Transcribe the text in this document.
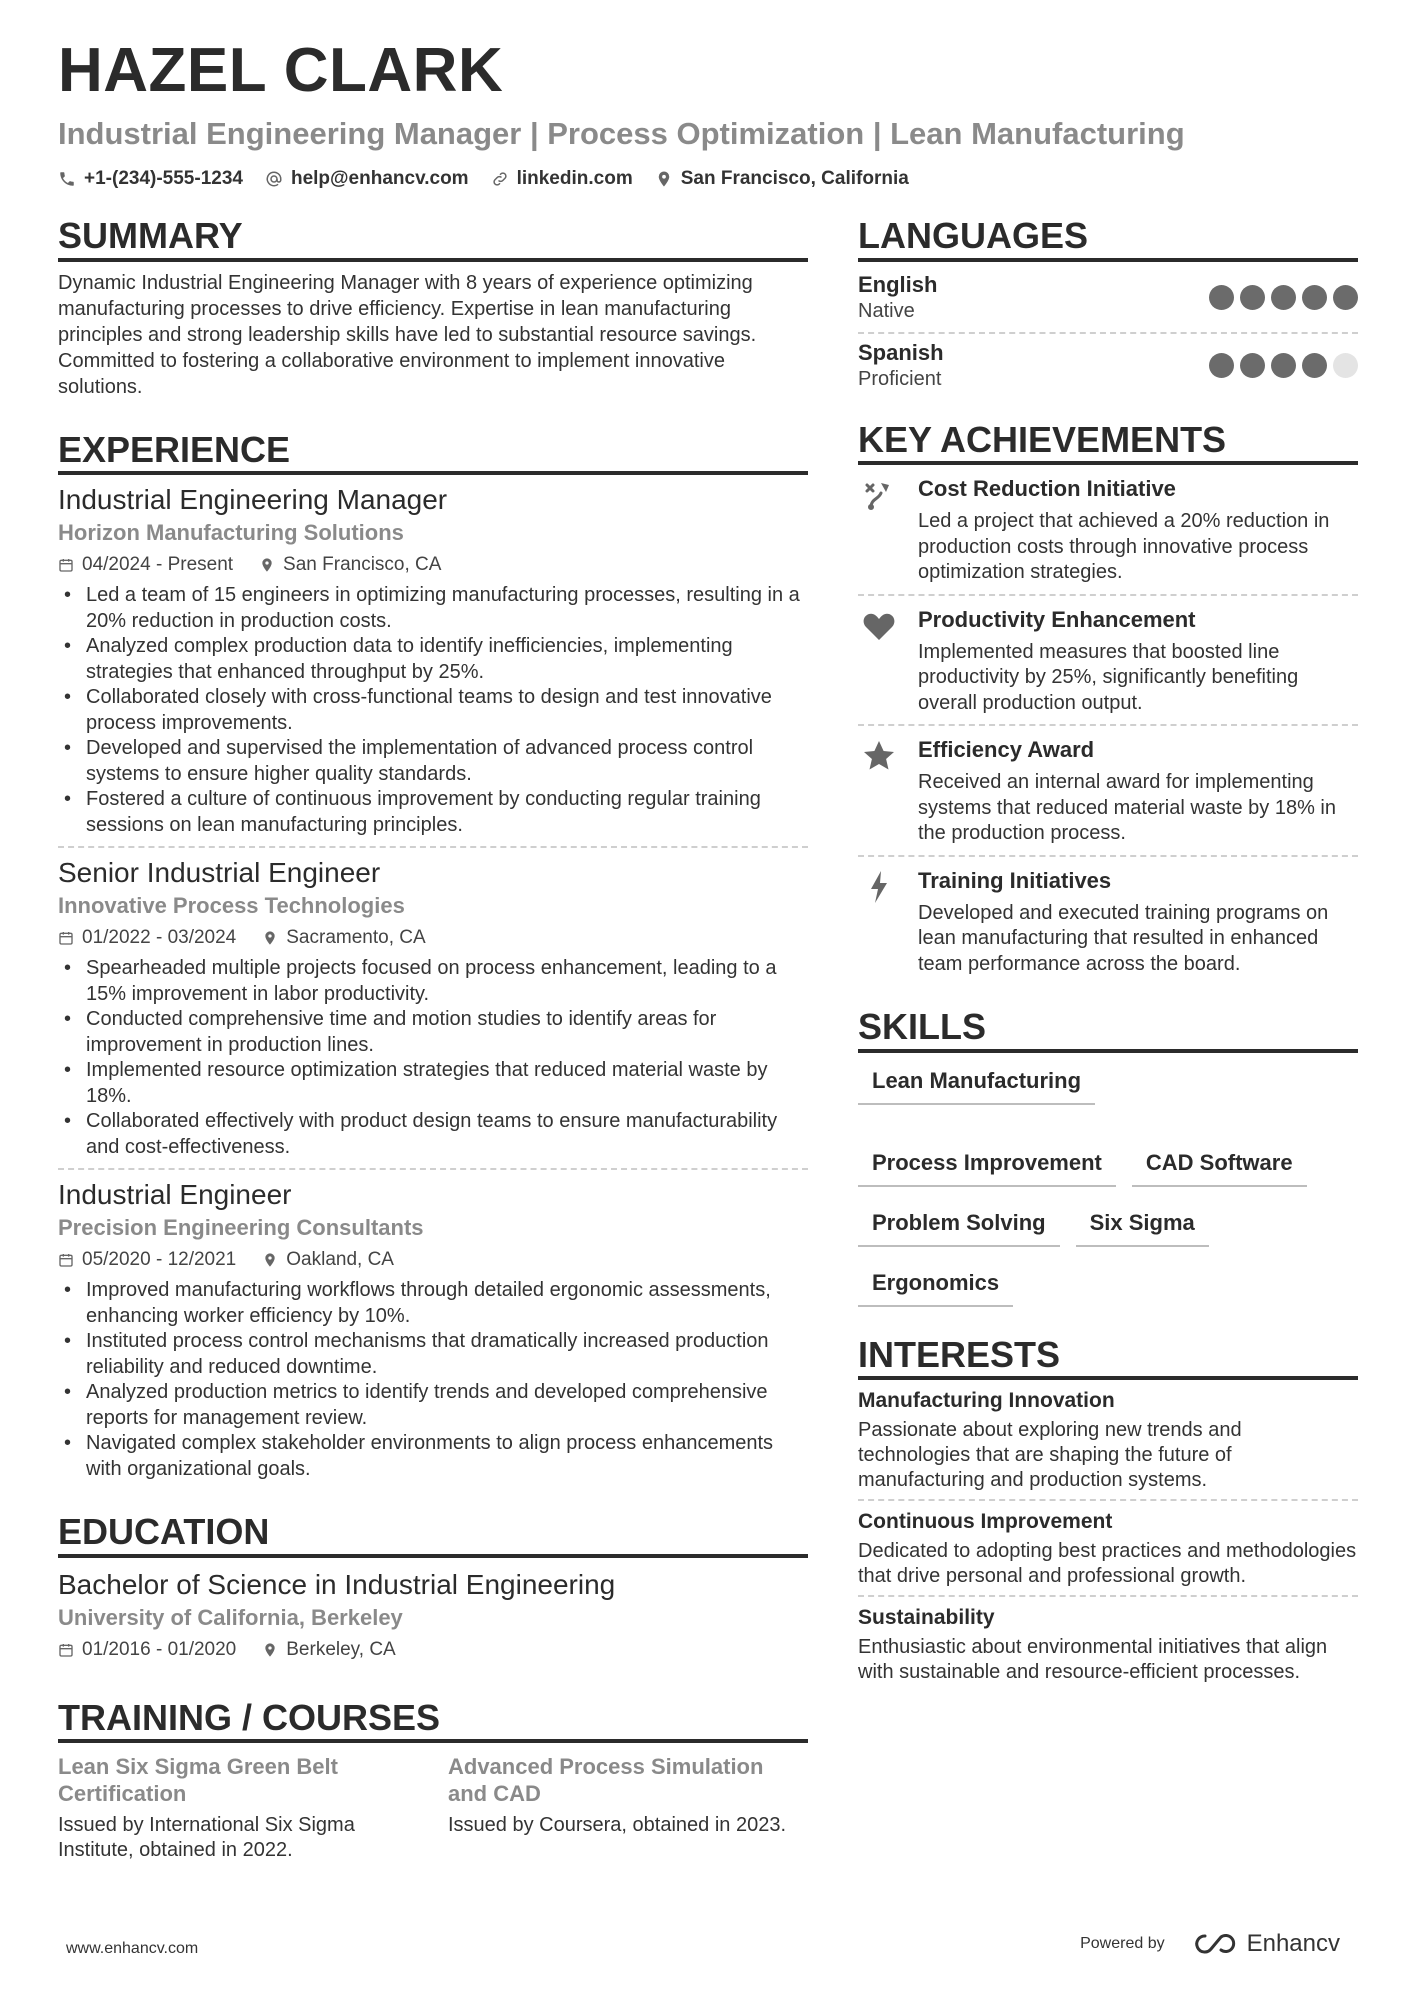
HAZEL CLARK
Industrial Engineering Manager | Process Optimization | Lean Manufacturing
+1-(234)-555-1234	help@enhancv.com	linkedin.com	San Francisco, California
SUMMARY
Dynamic Industrial Engineering Manager with 8 years of experience optimizing manufacturing processes to drive efficiency. Expertise in lean manufacturing principles and strong leadership skills have led to substantial resource savings. Committed to fostering a collaborative environment to implement innovative solutions.
EXPERIENCE
Industrial Engineering Manager
Horizon Manufacturing Solutions
04/2024 - Present	San Francisco, CA
• Led a team of 15 engineers in optimizing manufacturing processes, resulting in a 20% reduction in production costs.
• Analyzed complex production data to identify inefficiencies, implementing strategies that enhanced throughput by 25%.
• Collaborated closely with cross-functional teams to design and test innovative process improvements.
• Developed and supervised the implementation of advanced process control systems to ensure higher quality standards.
• Fostered a culture of continuous improvement by conducting regular training sessions on lean manufacturing principles.
Senior Industrial Engineer
Innovative Process Technologies
01/2022 - 03/2024	Sacramento, CA
• Spearheaded multiple projects focused on process enhancement, leading to a 15% improvement in labor productivity.
• Conducted comprehensive time and motion studies to identify areas for improvement in production lines.
• Implemented resource optimization strategies that reduced material waste by 18%.
• Collaborated effectively with product design teams to ensure manufacturability and cost-effectiveness.
Industrial Engineer
Precision Engineering Consultants
05/2020 - 12/2021	Oakland, CA
• Improved manufacturing workflows through detailed ergonomic assessments, enhancing worker efficiency by 10%.
• Instituted process control mechanisms that dramatically increased production reliability and reduced downtime.
• Analyzed production metrics to identify trends and developed comprehensive reports for management review.
• Navigated complex stakeholder environments to align process enhancements with organizational goals.
EDUCATION
Bachelor of Science in Industrial Engineering
University of California, Berkeley
01/2016 - 01/2020	Berkeley, CA
TRAINING / COURSES
Lean Six Sigma Green Belt Certification
Issued by International Six Sigma Institute, obtained in 2022.
Advanced Process Simulation and CAD
Issued by Coursera, obtained in 2023.
LANGUAGES
English
Native
Spanish
Proficient
KEY ACHIEVEMENTS
Cost Reduction Initiative
Led a project that achieved a 20% reduction in production costs through innovative process optimization strategies.
Productivity Enhancement
Implemented measures that boosted line productivity by 25%, significantly benefiting overall production output.
Efficiency Award
Received an internal award for implementing systems that reduced material waste by 18% in the production process.
Training Initiatives
Developed and executed training programs on lean manufacturing that resulted in enhanced team performance across the board.
SKILLS
Lean Manufacturing
Process Improvement	CAD Software
Problem Solving	Six Sigma
Ergonomics
INTERESTS
Manufacturing Innovation
Passionate about exploring new trends and technologies that are shaping the future of manufacturing and production systems.
Continuous Improvement
Dedicated to adopting best practices and methodologies that drive personal and professional growth.
Sustainability
Enthusiastic about environmental initiatives that align with sustainable and resource-efficient processes.
www.enhancv.com	Powered by	Enhancv
